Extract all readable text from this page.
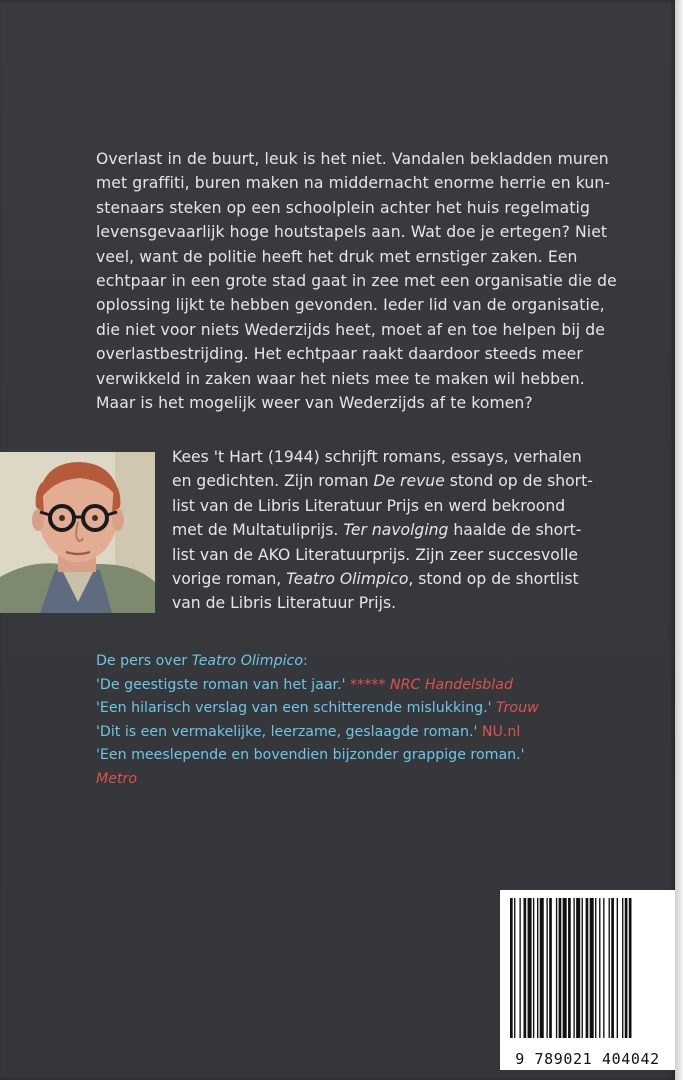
Overlast in de buurt, leuk is het niet. Vandalen bekladden muren
met graffiti, buren maken na middernacht enorme herrie en kun-
stenaars steken op een schoolplein achter het huis regelmatig
levensgevaarlijk hoge houtstapels aan. Wat doe je ertegen? Niet
veel, want de politie heeft het druk met ernstiger zaken. Een
echtpaar in een grote stad gaat in zee met een organisatie die de
oplossing lijkt te hebben gevonden. Ieder lid van de organisatie,
die niet voor niets Wederzijds heet, moet af en toe helpen bij de
overlastbestrijding. Het echtpaar raakt daardoor steeds meer
verwikkeld in zaken waar het niets mee te maken wil hebben.
Maar is het mogelijk weer van Wederzijds af te komen?
Kees 't Hart (1944) schrijft romans, essays, verhalen
en gedichten. Zijn roman De revue stond op de short-
list van de Libris Literatuur Prijs en werd bekroond
met de Multatuliprijs. Ter navolging haalde de short-
list van de AKO Literatuurprijs. Zijn zeer succesvolle
vorige roman, Teatro Olimpico, stond op de shortlist
van de Libris Literatuur Prijs.
De pers over Teatro Olimpico:
'De geestigste roman van het jaar.' ***** NRC Handelsblad
'Een hilarisch verslag van een schitterende mislukking.' Trouw
'Dit is een vermakelijke, leerzame, geslaagde roman.' NU.nl
'Een meeslepende en bovendien bijzonder grappige roman.'
Metro
9 789021 404042
